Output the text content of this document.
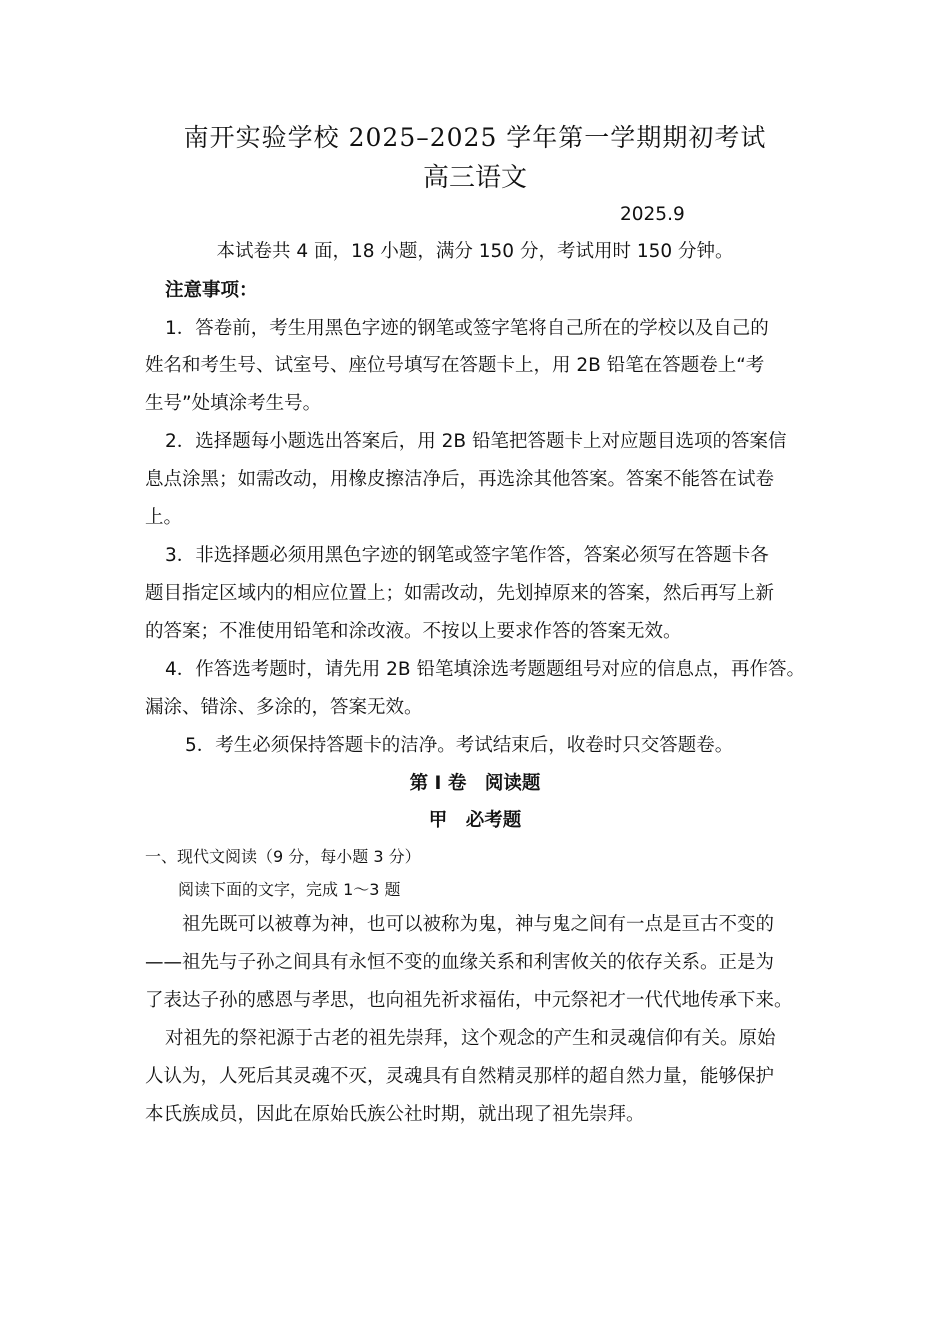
南开实验学校 2025–2025 学年第一学期期初考试
高三语文
2025.9
本试卷共 4 面，18 小题，满分 150 分，考试用时 150 分钟。
注意事项：
1．答卷前，考生用黑色字迹的钢笔或签字笔将自己所在的学校以及自己的
姓名和考生号、试室号、座位号填写在答题卡上，用 2B 铅笔在答题卷上“考
生号”处填涂考生号。
2．选择题每小题选出答案后，用 2B 铅笔把答题卡上对应题目选项的答案信
息点涂黑；如需改动，用橡皮擦洁净后，再选涂其他答案。答案不能答在试卷
上。
3．非选择题必须用黑色字迹的钢笔或签字笔作答，答案必须写在答题卡各
题目指定区域内的相应位置上；如需改动，先划掉原来的答案，然后再写上新
的答案；不准使用铅笔和涂改液。不按以上要求作答的答案无效。
4．作答选考题时，请先用 2B 铅笔填涂选考题题组号对应的信息点，再作答。
漏涂、错涂、多涂的，答案无效。
5．考生必须保持答题卡的洁净。考试结束后，收卷时只交答题卷。
第 I 卷　阅读题
甲　必考题
一、现代文阅读（9 分，每小题 3 分）
阅读下面的文字，完成 1～3 题
祖先既可以被尊为神，也可以被称为鬼，神与鬼之间有一点是亘古不变的
——祖先与子孙之间具有永恒不变的血缘关系和利害攸关的依存关系。正是为
了表达子孙的感恩与孝思，也向祖先祈求福佑，中元祭祀才一代代地传承下来。
对祖先的祭祀源于古老的祖先崇拜，这个观念的产生和灵魂信仰有关。原始
人认为，人死后其灵魂不灭，灵魂具有自然精灵那样的超自然力量，能够保护
本氏族成员，因此在原始氏族公社时期，就出现了祖先崇拜。
